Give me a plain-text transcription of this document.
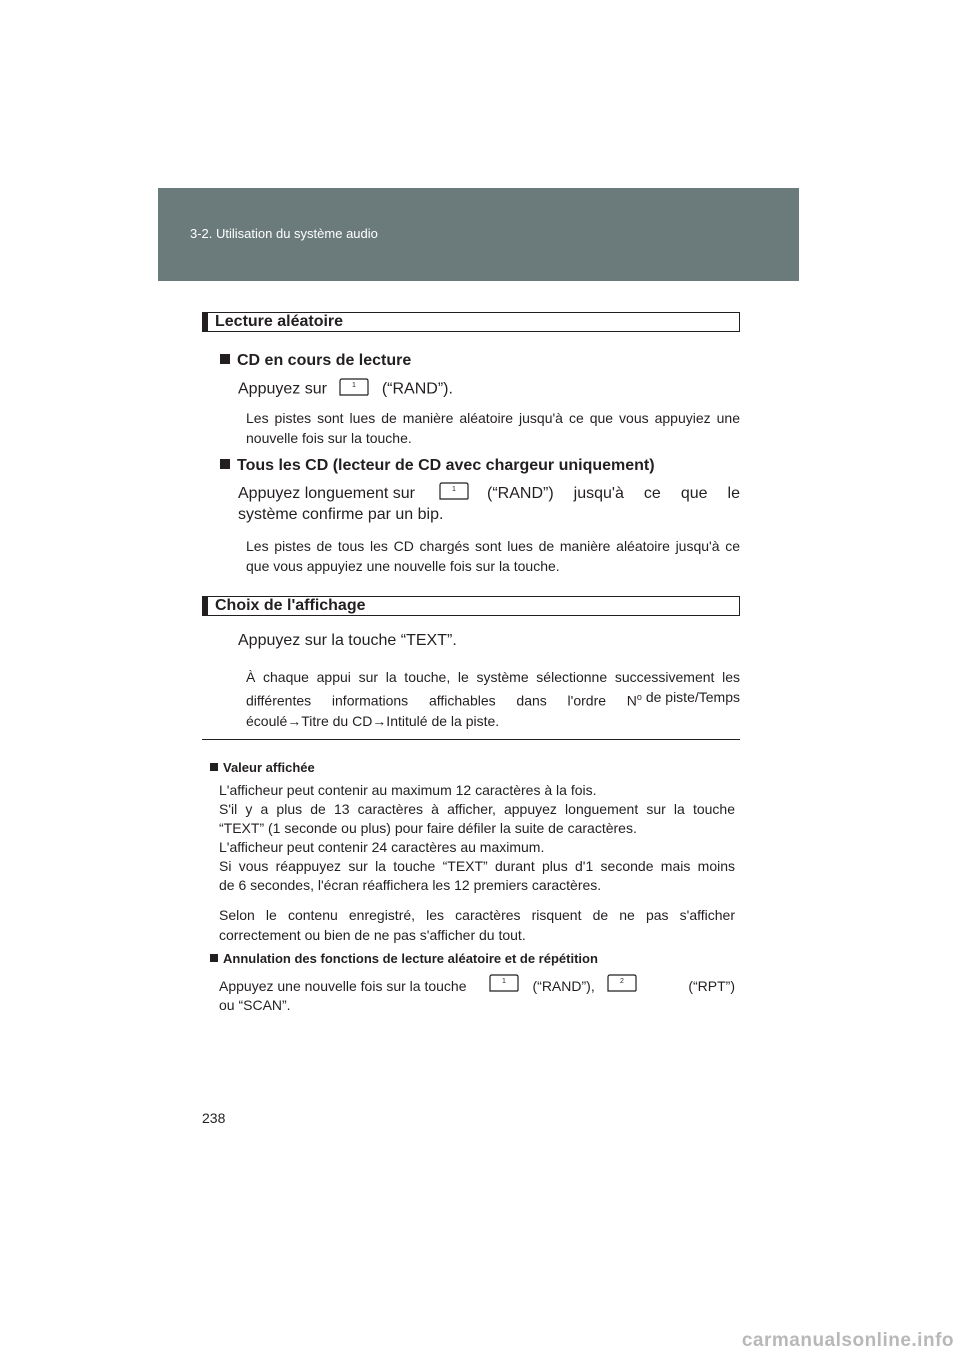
3-2. Utilisation du système audio
Lecture aléatoire
CD en cours de lecture
Appuyez sur	1 (“RAND”).
Les pistes sont lues de manière aléatoire jusqu'à ce que vous appuyiez une nouvelle fois sur la touche.
Tous les CD (lecteur de CD avec chargeur uniquement)
Appuyez longuement sur	1 (“RAND”) jusqu'à ce que le
système confirme par un bip.
Les pistes de tous les CD chargés sont lues de manière aléatoire jusqu'à ce que vous appuyiez une nouvelle fois sur la touche.
Choix de l'affichage
Appuyez sur la touche “TEXT”.
À chaque appui sur la touche, le système sélectionne successivement les
différentes informations affichables dans l'ordre $N^o$ de piste/Temps
écoulé→Titre du CD→Intitulé de la piste.
Valeur affichée
L'afficheur peut contenir au maximum 12 caractères à la fois.
S'il y a plus de 13 caractères à afficher, appuyez longuement sur la touche
“TEXT” (1 seconde ou plus) pour faire défiler la suite de caractères.
L'afficheur peut contenir 24 caractères au maximum.
Si vous réappuyez sur la touche “TEXT” durant plus d'1 seconde mais moins
de 6 secondes, l'écran réaffichera les 12 premiers caractères.
Selon le contenu enregistré, les caractères risquent de ne pas s'afficher correctement ou bien de ne pas s'afficher du tout.
Annulation des fonctions de lecture aléatoire et de répétition
Appuyez une nouvelle fois sur la touche	1 (“RAND”),	2	(“RPT”)
ou “SCAN”.
238
carmanualsonline.info
